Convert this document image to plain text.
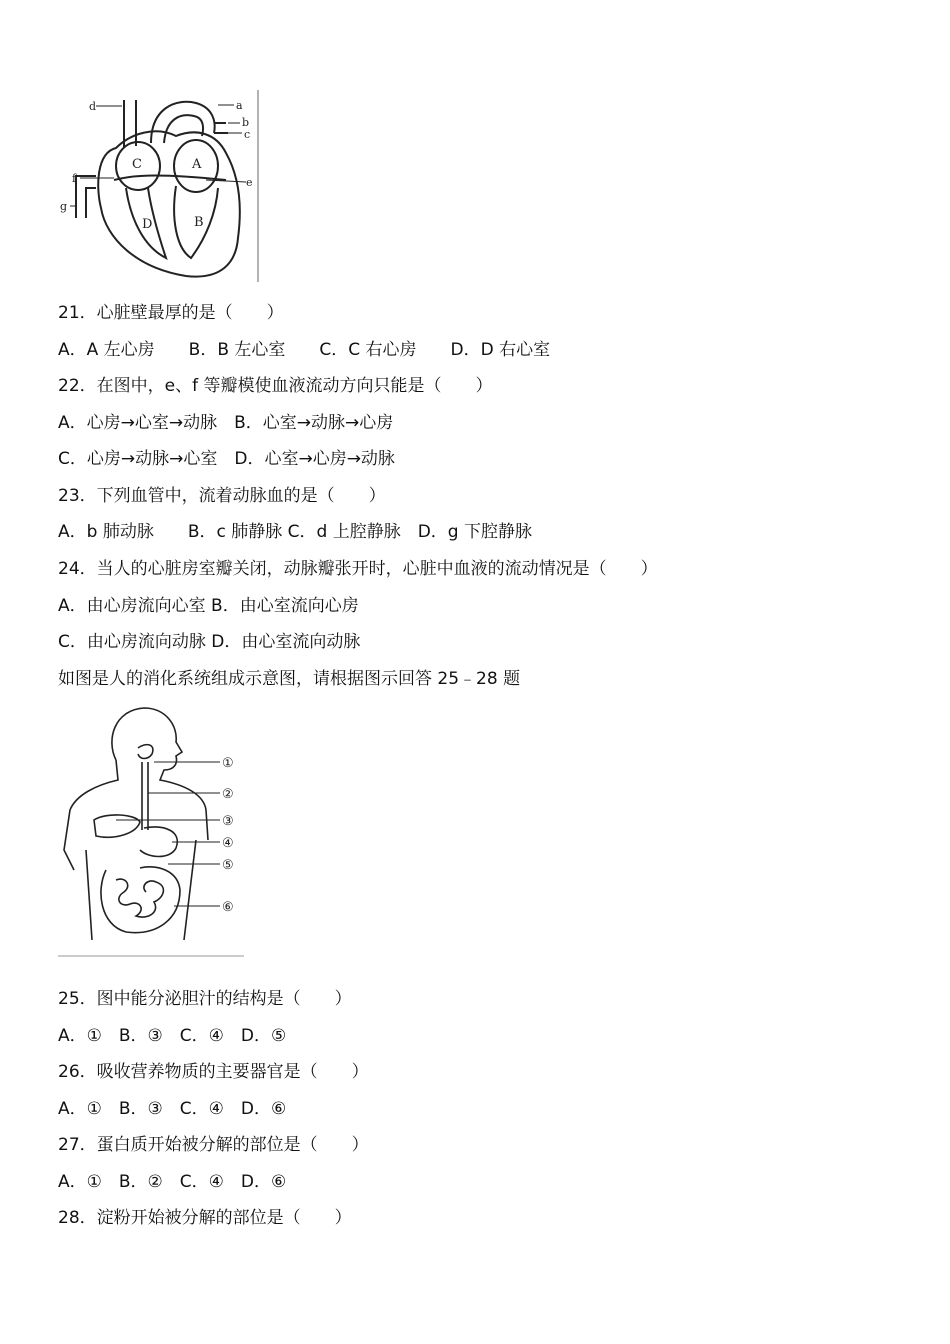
d	a
b
c
f	e
g
C	A
D	B
21．心脏壁最厚的是（　　）
A．A 左心房　　B．B 左心室　　C．C 右心房　　D．D 右心室
22．在图中，e、f 等瓣模使血液流动方向只能是（　　）
A．心房→心室→动脉　B．心室→动脉→心房
C．心房→动脉→心室　D．心室→心房→动脉
23．下列血管中，流着动脉血的是（　　）
A．b 肺动脉　　B．c 肺静脉 C．d 上腔静脉　D．g 下腔静脉
24．当人的心脏房室瓣关闭，动脉瓣张开时，心脏中血液的流动情况是（　　）
A．由心房流向心室 B．由心室流向心房
C．由心房流向动脉 D．由心室流向动脉
如图是人的消化系统组成示意图，请根据图示回答 25﹣28 题
①
②
③
④
⑤
⑥
25．图中能分泌胆汁的结构是（　　）
A．①　B．③　C．④　D．⑤
26．吸收营养物质的主要器官是（　　）
A．①　B．③　C．④　D．⑥
27．蛋白质开始被分解的部位是（　　）
A．①　B．②　C．④　D．⑥
28．淀粉开始被分解的部位是（　　）
